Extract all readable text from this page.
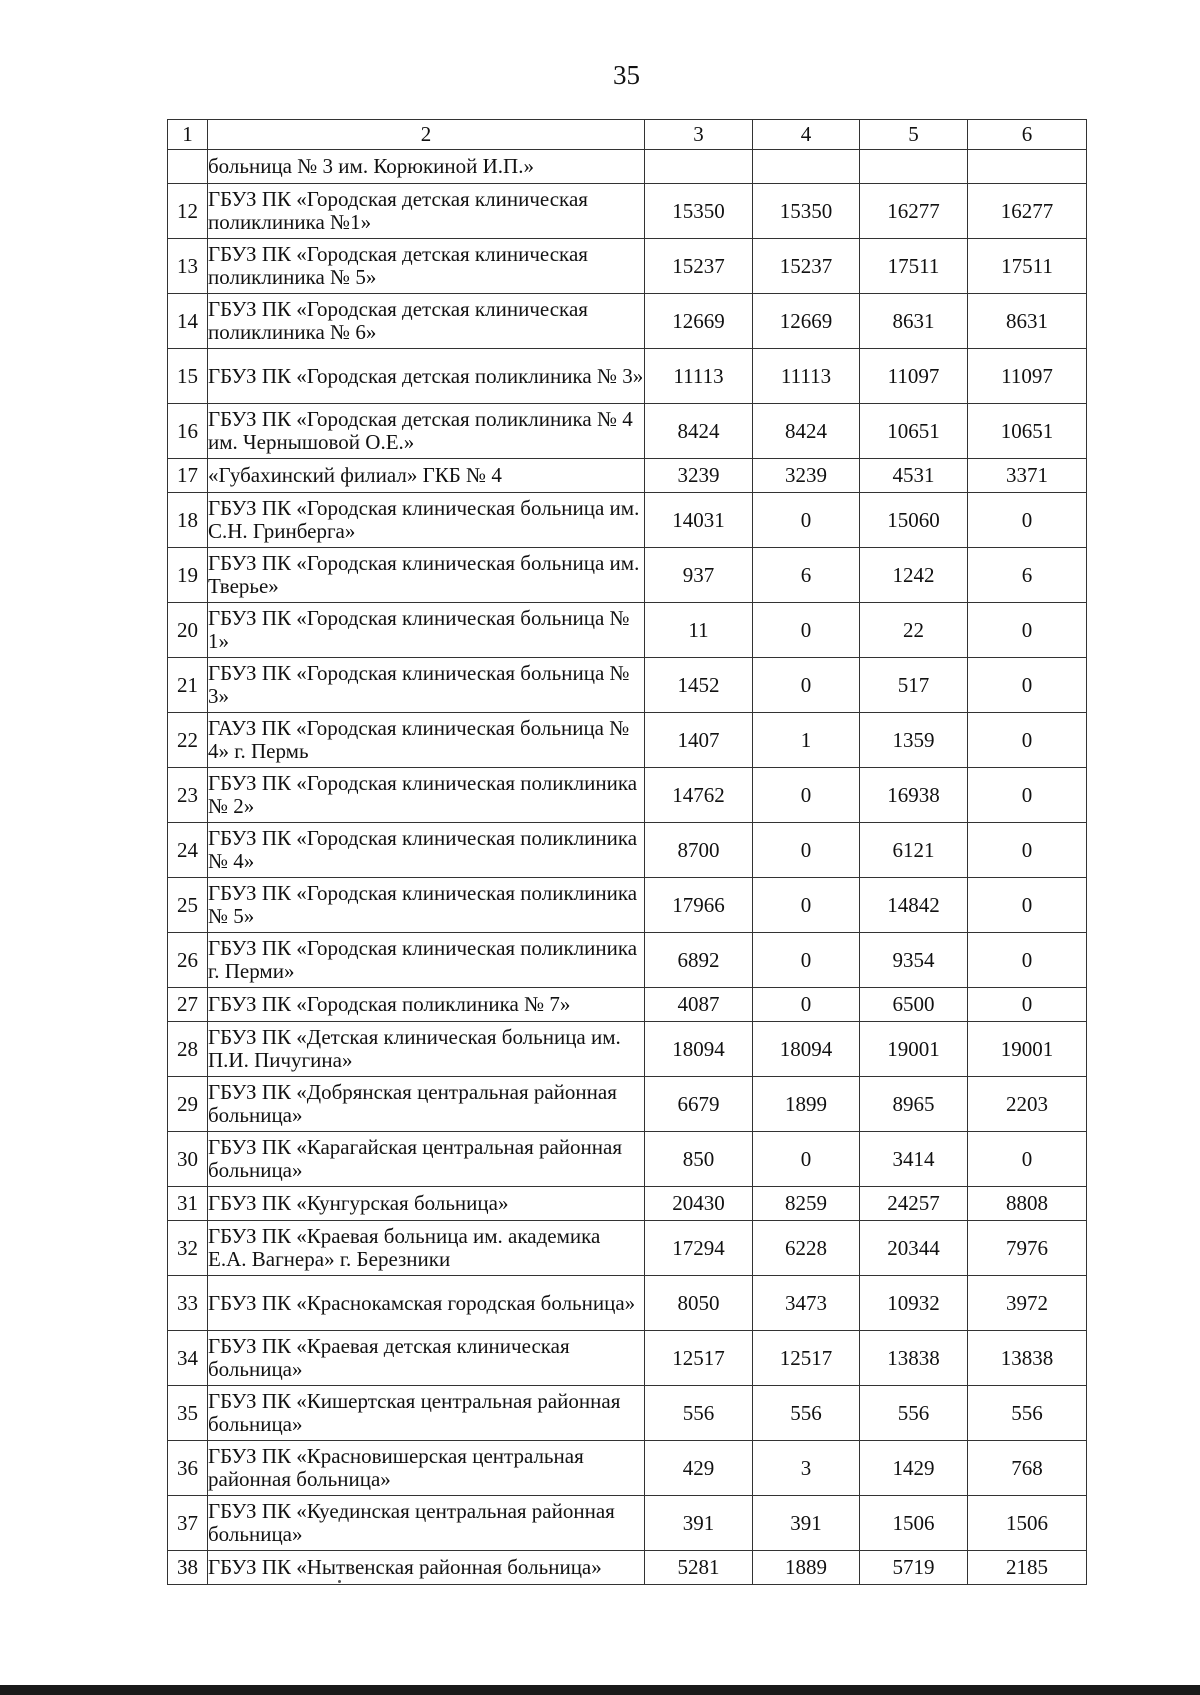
35
1	2	3	4	5	6
	больница № 3 им. Корюкиной И.П.»				
12	ГБУЗ ПК «Городская детская клиническая поликлиника №1»	15350	15350	16277	16277
13	ГБУЗ ПК «Городская детская клиническая поликлиника № 5»	15237	15237	17511	17511
14	ГБУЗ ПК «Городская детская клиническая поликлиника № 6»	12669	12669	8631	8631
15	ГБУЗ ПК «Городская детская поликлиника № 3»	11113	11113	11097	11097
16	ГБУЗ ПК «Городская детская поликлиника № 4 им. Чернышовой О.Е.»	8424	8424	10651	10651
17	«Губахинский филиал» ГКБ № 4	3239	3239	4531	3371
18	ГБУЗ ПК «Городская клиническая больница им. С.Н. Гринберга»	14031	0	15060	0
19	ГБУЗ ПК «Городская клиническая больница им. Тверье»	937	6	1242	6
20	ГБУЗ ПК «Городская клиническая больница № 1»	11	0	22	0
21	ГБУЗ ПК «Городская клиническая больница № 3»	1452	0	517	0
22	ГАУЗ ПК «Городская клиническая больница № 4» г. Пермь	1407	1	1359	0
23	ГБУЗ ПК «Городская клиническая поликлиника № 2»	14762	0	16938	0
24	ГБУЗ ПК «Городская клиническая поликлиника № 4»	8700	0	6121	0
25	ГБУЗ ПК «Городская клиническая поликлиника № 5»	17966	0	14842	0
26	ГБУЗ ПК «Городская клиническая поликлиника г. Перми»	6892	0	9354	0
27	ГБУЗ ПК «Городская поликлиника № 7»	4087	0	6500	0
28	ГБУЗ ПК «Детская клиническая больница им. П.И. Пичугина»	18094	18094	19001	19001
29	ГБУЗ ПК «Добрянская центральная районная больница»	6679	1899	8965	2203
30	ГБУЗ ПК «Карагайская центральная районная больница»	850	0	3414	0
31	ГБУЗ ПК «Кунгурская больница»	20430	8259	24257	8808
32	ГБУЗ ПК «Краевая больница им. академика Е.А. Вагнера» г. Березники	17294	6228	20344	7976
33	ГБУЗ ПК «Краснокамская городская больница»	8050	3473	10932	3972
34	ГБУЗ ПК «Краевая детская клиническая больница»	12517	12517	13838	13838
35	ГБУЗ ПК «Кишертская центральная районная больница»	556	556	556	556
36	ГБУЗ ПК «Красновишерская центральная районная больница»	429	3	1429	768
37	ГБУЗ ПК «Куединская центральная районная больница»	391	391	1506	1506
38	ГБУЗ ПК «Нытвенская районная больница»	5281	1889	5719	2185
